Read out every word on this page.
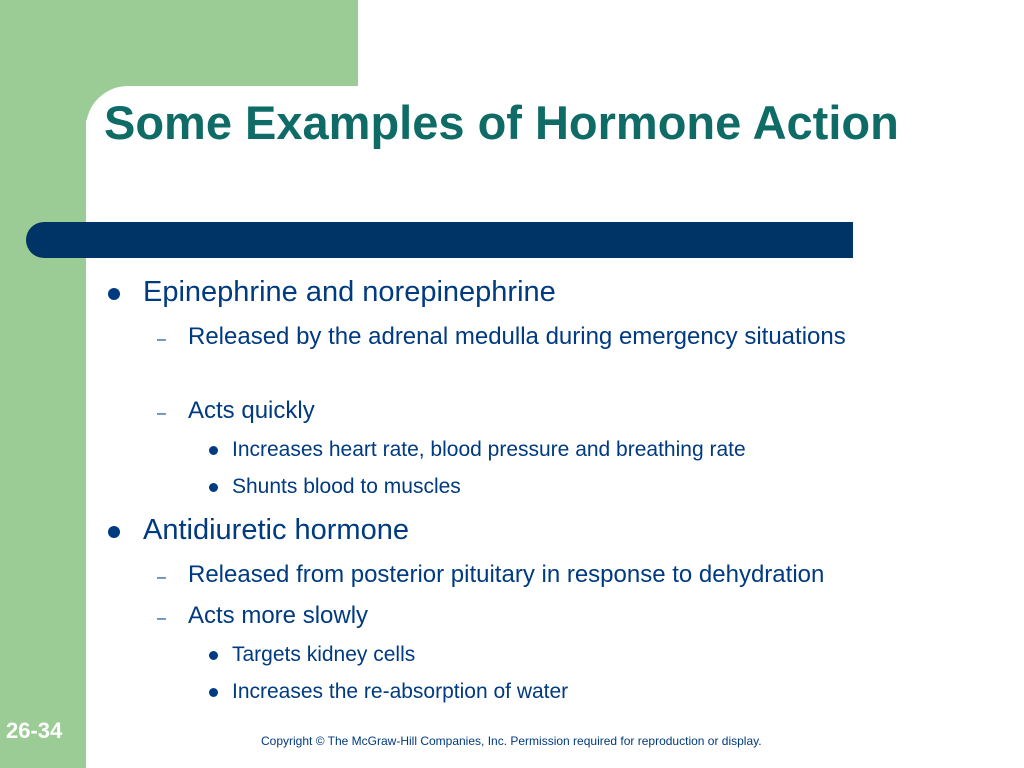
Some Examples of Hormone Action
Epinephrine and norepinephrine
– Released by the adrenal medulla during emergency situations
– Acts quickly
Increases heart rate, blood pressure and breathing rate
Shunts blood to muscles
Antidiuretic hormone
– Released from posterior pituitary in response to dehydration
– Acts more slowly
Targets kidney cells
Increases the re-absorption of water
26-34	Copyright © The McGraw-Hill Companies, Inc. Permission required for reproduction or display.
